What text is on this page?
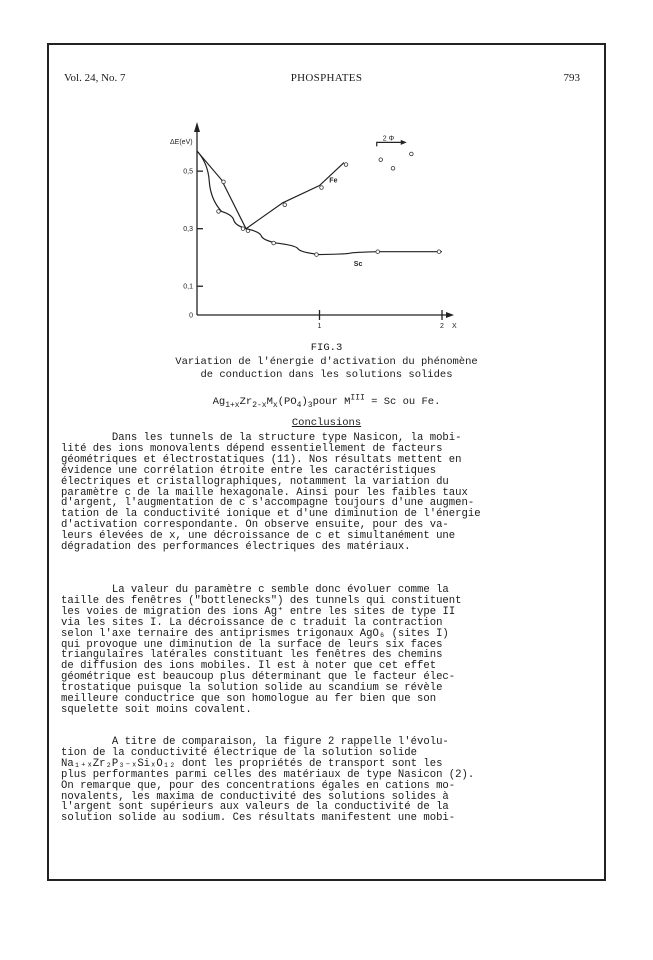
Vol. 24, No. 7	PHOSPHATES	793
0,5
0,3
0,1
0
ΔE(eV)
1	2 X
Fe
Sc
2 Φ
FIG.3
Variation de l'énergie d'activation du phénomène
de conduction dans les solutions solides
$Ag_{1+x}Zr_{2-x}M_x(PO_4)_3pour$ $M^{III} = Sc$ ou Fe.
Conclusions
Dans les tunnels de la structure type Nasicon, la mobi-
lité des ions monovalents dépend essentiellement de facteurs
géométriques et électrostatiques (11). Nos résultats mettent en
évidence une corrélation étroite entre les caractéristiques
électriques et cristallographiques, notamment la variation du
paramètre c de la maille hexagonale. Ainsi pour les faibles taux
d'argent, l'augmentation de c s'accompagne toujours d'une augmen-
tation de la conductivité ionique et d'une diminution de l'énergie
d'activation correspondante. On observe ensuite, pour des va-
leurs élevées de x, une décroissance de c et simultanément une
dégradation des performances électriques des matériaux.
La valeur du paramètre c semble donc évoluer comme la
taille des fenêtres ("bottlenecks") des tunnels qui constituent
les voies de migration des ions Ag⁺ entre les sites de type II
via les sites I. La décroissance de c traduit la contraction
selon l'axe ternaire des antiprismes trigonaux AgO₆ (sites I)
qui provoque une diminution de la surface de leurs six faces
triangulaires latérales constituant les fenêtres des chemins
de diffusion des ions mobiles. Il est à noter que cet effet
géométrique est beaucoup plus déterminant que le facteur élec-
trostatique puisque la solution solide au scandium se révèle
meilleure conductrice que son homologue au fer bien que son
squelette soit moins covalent.
A titre de comparaison, la figure 2 rappelle l'évolu-
tion de la conductivité électrique de la solution solide
Na₁₊ₓZr₂P₃₋ₓSiₓO₁₂ dont les propriétés de transport sont les
plus performantes parmi celles des matériaux de type Nasicon (2).
On remarque que, pour des concentrations égales en cations mo-
novalents, les maxima de conductivité des solutions solides à
l'argent sont supérieurs aux valeurs de la conductivité de la
solution solide au sodium. Ces résultats manifestent une mobi-
